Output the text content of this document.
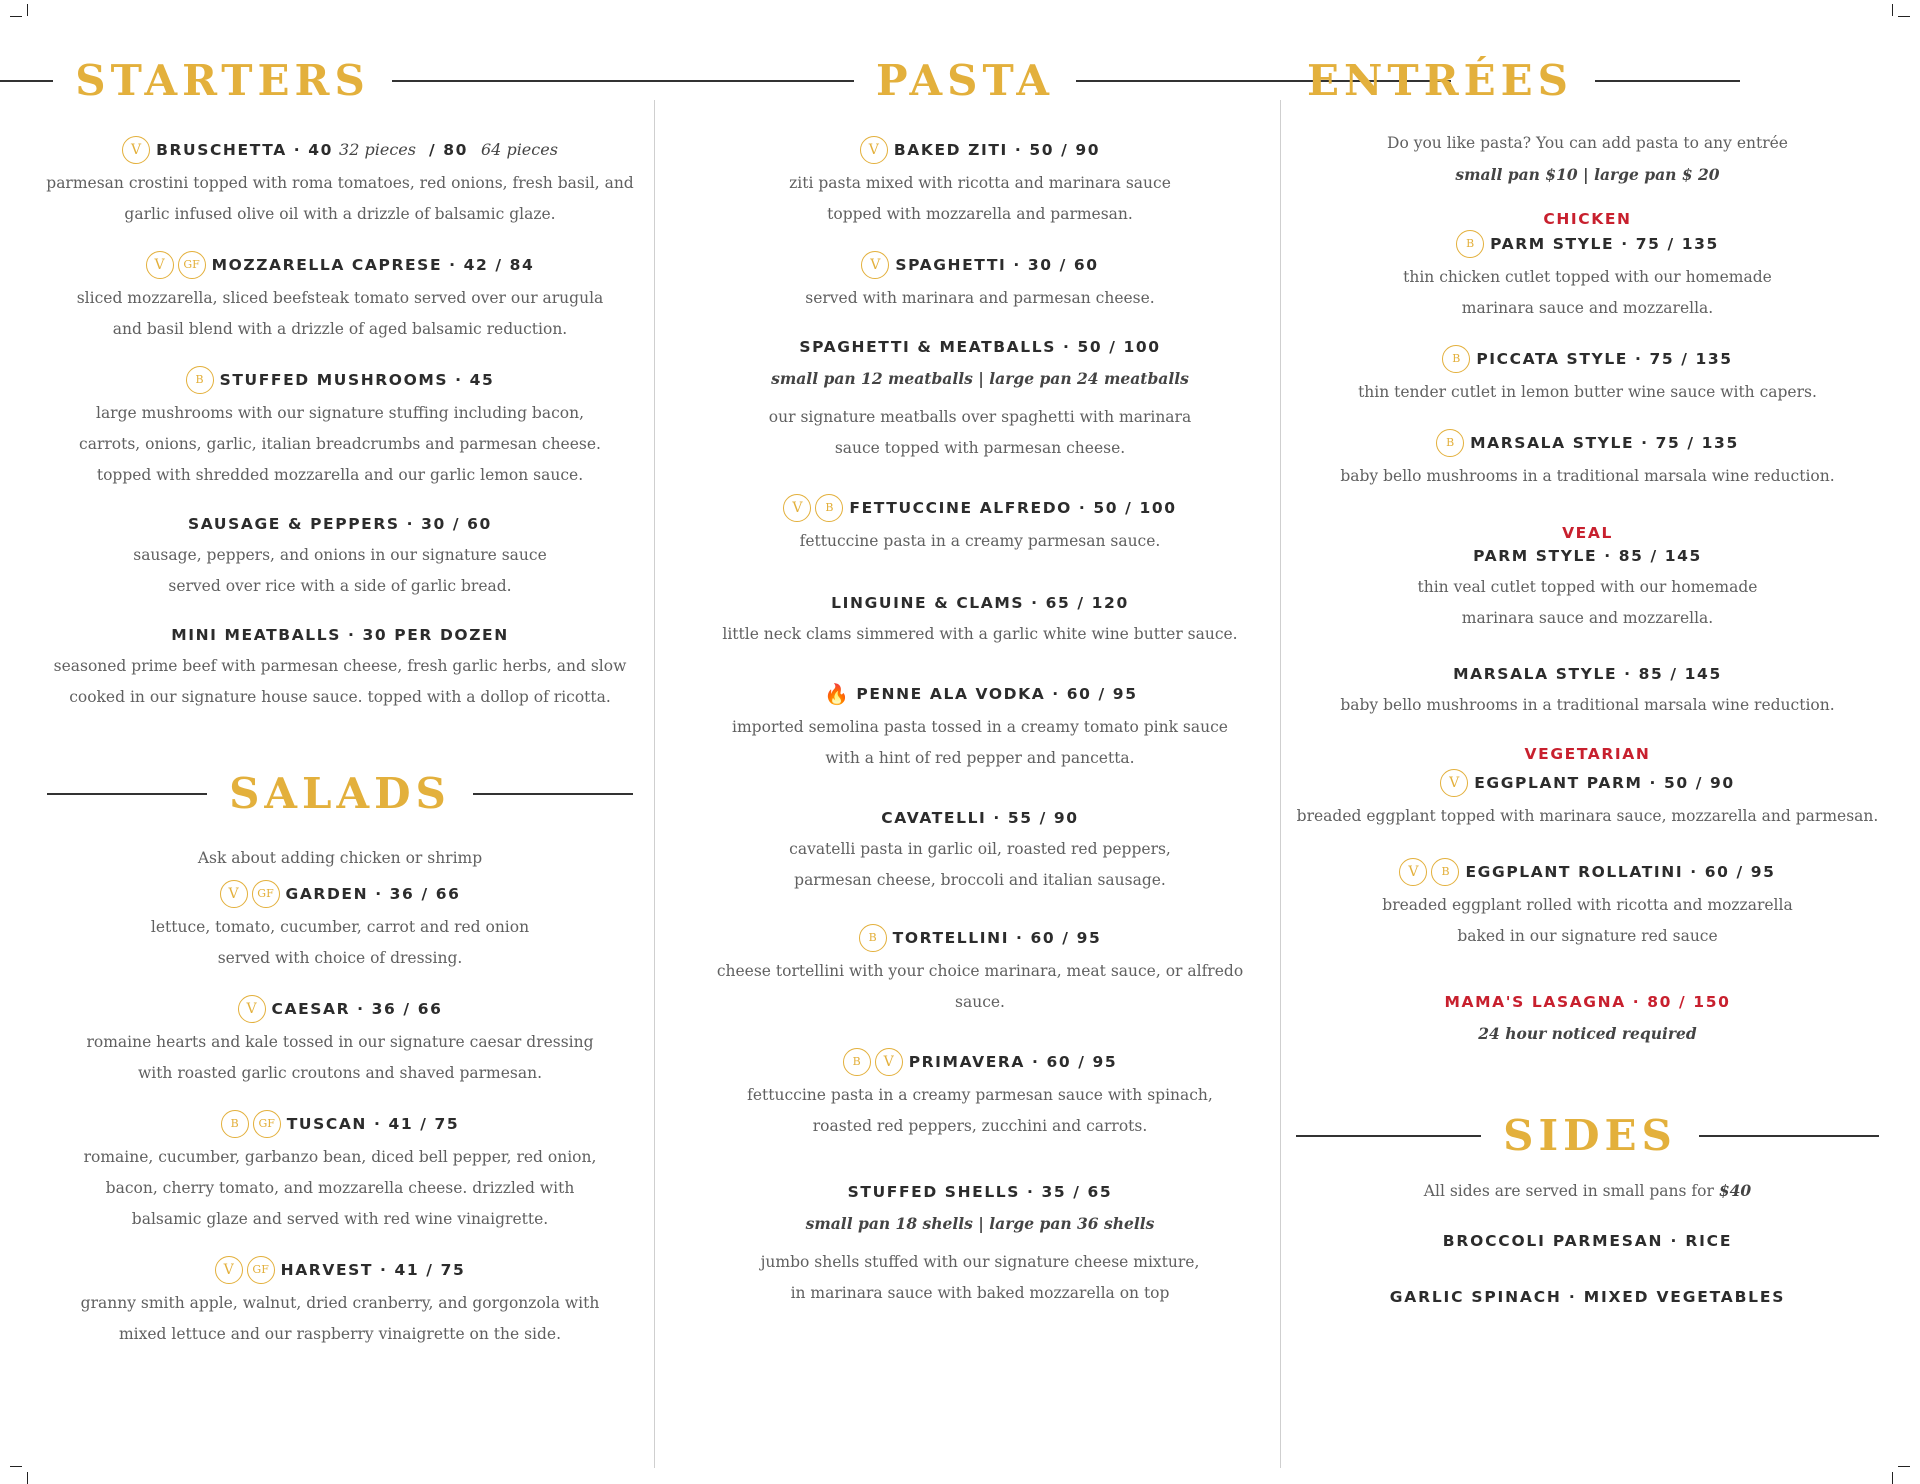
STARTERS
V BRUSCHETTA · 40 32 pieces / 80 64 pieces
parmesan crostini topped with roma tomatoes, red onions, fresh basil, and
garlic infused olive oil with a drizzle of balsamic glaze.
V	GF MOZZARELLA CAPRESE · 42 / 84
sliced mozzarella, sliced beefsteak tomato served over our arugula
and basil blend with a drizzle of aged balsamic reduction.
B	STUFFED MUSHROOMS · 45
large mushrooms with our signature stuffing including bacon,
carrots, onions, garlic, italian breadcrumbs and parmesan cheese.
topped with shredded mozzarella and our garlic lemon sauce.
SAUSAGE & PEPPERS · 30 / 60
sausage, peppers, and onions in our signature sauce
served over rice with a side of garlic bread.
MINI MEATBALLS · 30 PER DOZEN
seasoned prime beef with parmesan cheese, fresh garlic herbs, and slow
cooked in our signature house sauce. topped with a dollop of ricotta.
SALADS
Ask about adding chicken or shrimp
V	GF GARDEN · 36 / 66
lettuce, tomato, cucumber, carrot and red onion
served with choice of dressing.
V CAESAR · 36 / 66
romaine hearts and kale tossed in our signature caesar dressing
with roasted garlic croutons and shaved parmesan.
B	GF TUSCAN · 41 / 75
romaine, cucumber, garbanzo bean, diced bell pepper, red onion,
bacon, cherry tomato, and mozzarella cheese. drizzled with
balsamic glaze and served with red wine vinaigrette.
V	GF HARVEST · 41 / 75
granny smith apple, walnut, dried cranberry, and gorgonzola with
mixed lettuce and our raspberry vinaigrette on the side.
PASTA
V BAKED ZITI · 50 / 90
ziti pasta mixed with ricotta and marinara sauce
topped with mozzarella and parmesan.
V SPAGHETTI · 30 / 60
served with marinara and parmesan cheese.
SPAGHETTI & MEATBALLS · 50 / 100
small pan 12 meatballs | large pan 24 meatballs
our signature meatballs over spaghetti with marinara
sauce topped with parmesan cheese.
V	B	FETTUCCINE ALFREDO · 50 / 100
fettuccine pasta in a creamy parmesan sauce.
LINGUINE & CLAMS · 65 / 120
little neck clams simmered with a garlic white wine butter sauce.
🔥 PENNE ALA VODKA · 60 / 95
imported semolina pasta tossed in a creamy tomato pink sauce
with a hint of red pepper and pancetta.
CAVATELLI · 55 / 90
cavatelli pasta in garlic oil, roasted red peppers,
parmesan cheese, broccoli and italian sausage.
B	TORTELLINI · 60 / 95
cheese tortellini with your choice marinara, meat sauce, or alfredo sauce.
B	V PRIMAVERA · 60 / 95
fettuccine pasta in a creamy parmesan sauce with spinach,
roasted red peppers, zucchini and carrots.
STUFFED SHELLS · 35 / 65
small pan 18 shells | large pan 36 shells
jumbo shells stuffed with our signature cheese mixture,
in marinara sauce with baked mozzarella on top
ENTRÉES
Do you like pasta? You can add pasta to any entrée
small pan $10 | large pan $ 20
CHICKEN
B	PARM STYLE · 75 / 135
thin chicken cutlet topped with our homemade
marinara sauce and mozzarella.
B	PICCATA STYLE · 75 / 135
thin tender cutlet in lemon butter wine sauce with capers.
B	MARSALA STYLE · 75 / 135
baby bello mushrooms in a traditional marsala wine reduction.
VEAL
PARM STYLE · 85 / 145
thin veal cutlet topped with our homemade
marinara sauce and mozzarella.
MARSALA STYLE · 85 / 145
baby bello mushrooms in a traditional marsala wine reduction.
VEGETARIAN
V EGGPLANT PARM · 50 / 90
breaded eggplant topped with marinara sauce, mozzarella and parmesan.
V	B	EGGPLANT ROLLATINI · 60 / 95
breaded eggplant rolled with ricotta and mozzarella
baked in our signature red sauce
MAMA'S LASAGNA · 80 / 150
24 hour noticed required
SIDES
All sides are served in small pans for $40
BROCCOLI PARMESAN · RICE
GARLIC SPINACH · MIXED VEGETABLES
